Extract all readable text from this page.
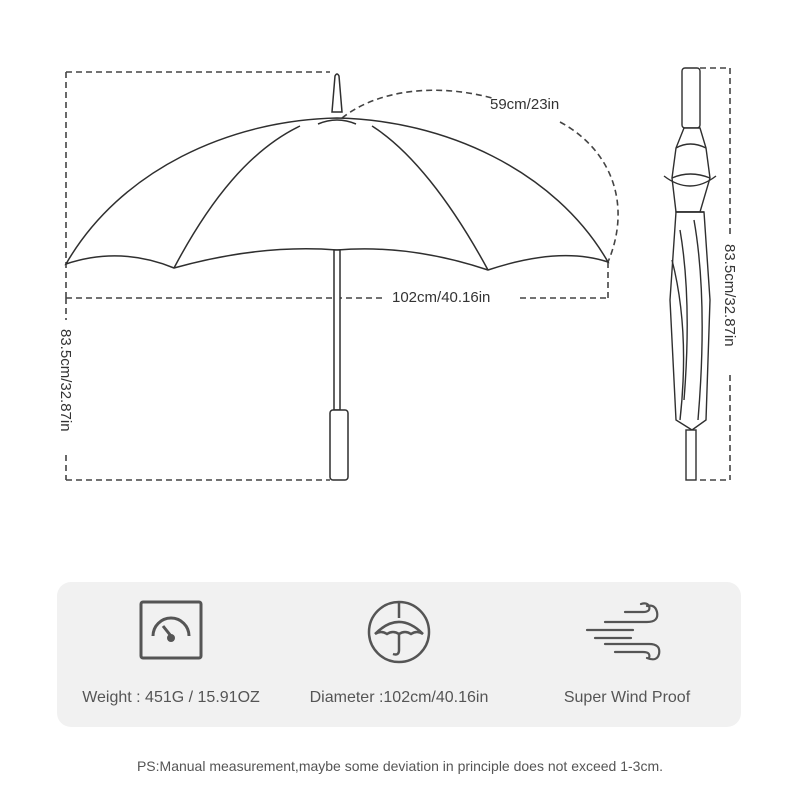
59cm/23in
102cm/40.16in
83.5cm/32.87in
83.5cm/32.87in
Weight : 451G / 15.91OZ	Diameter :102cm/40.16in	Super Wind Proof
PS:Manual measurement,maybe some deviation in principle does not exceed 1-3cm.
